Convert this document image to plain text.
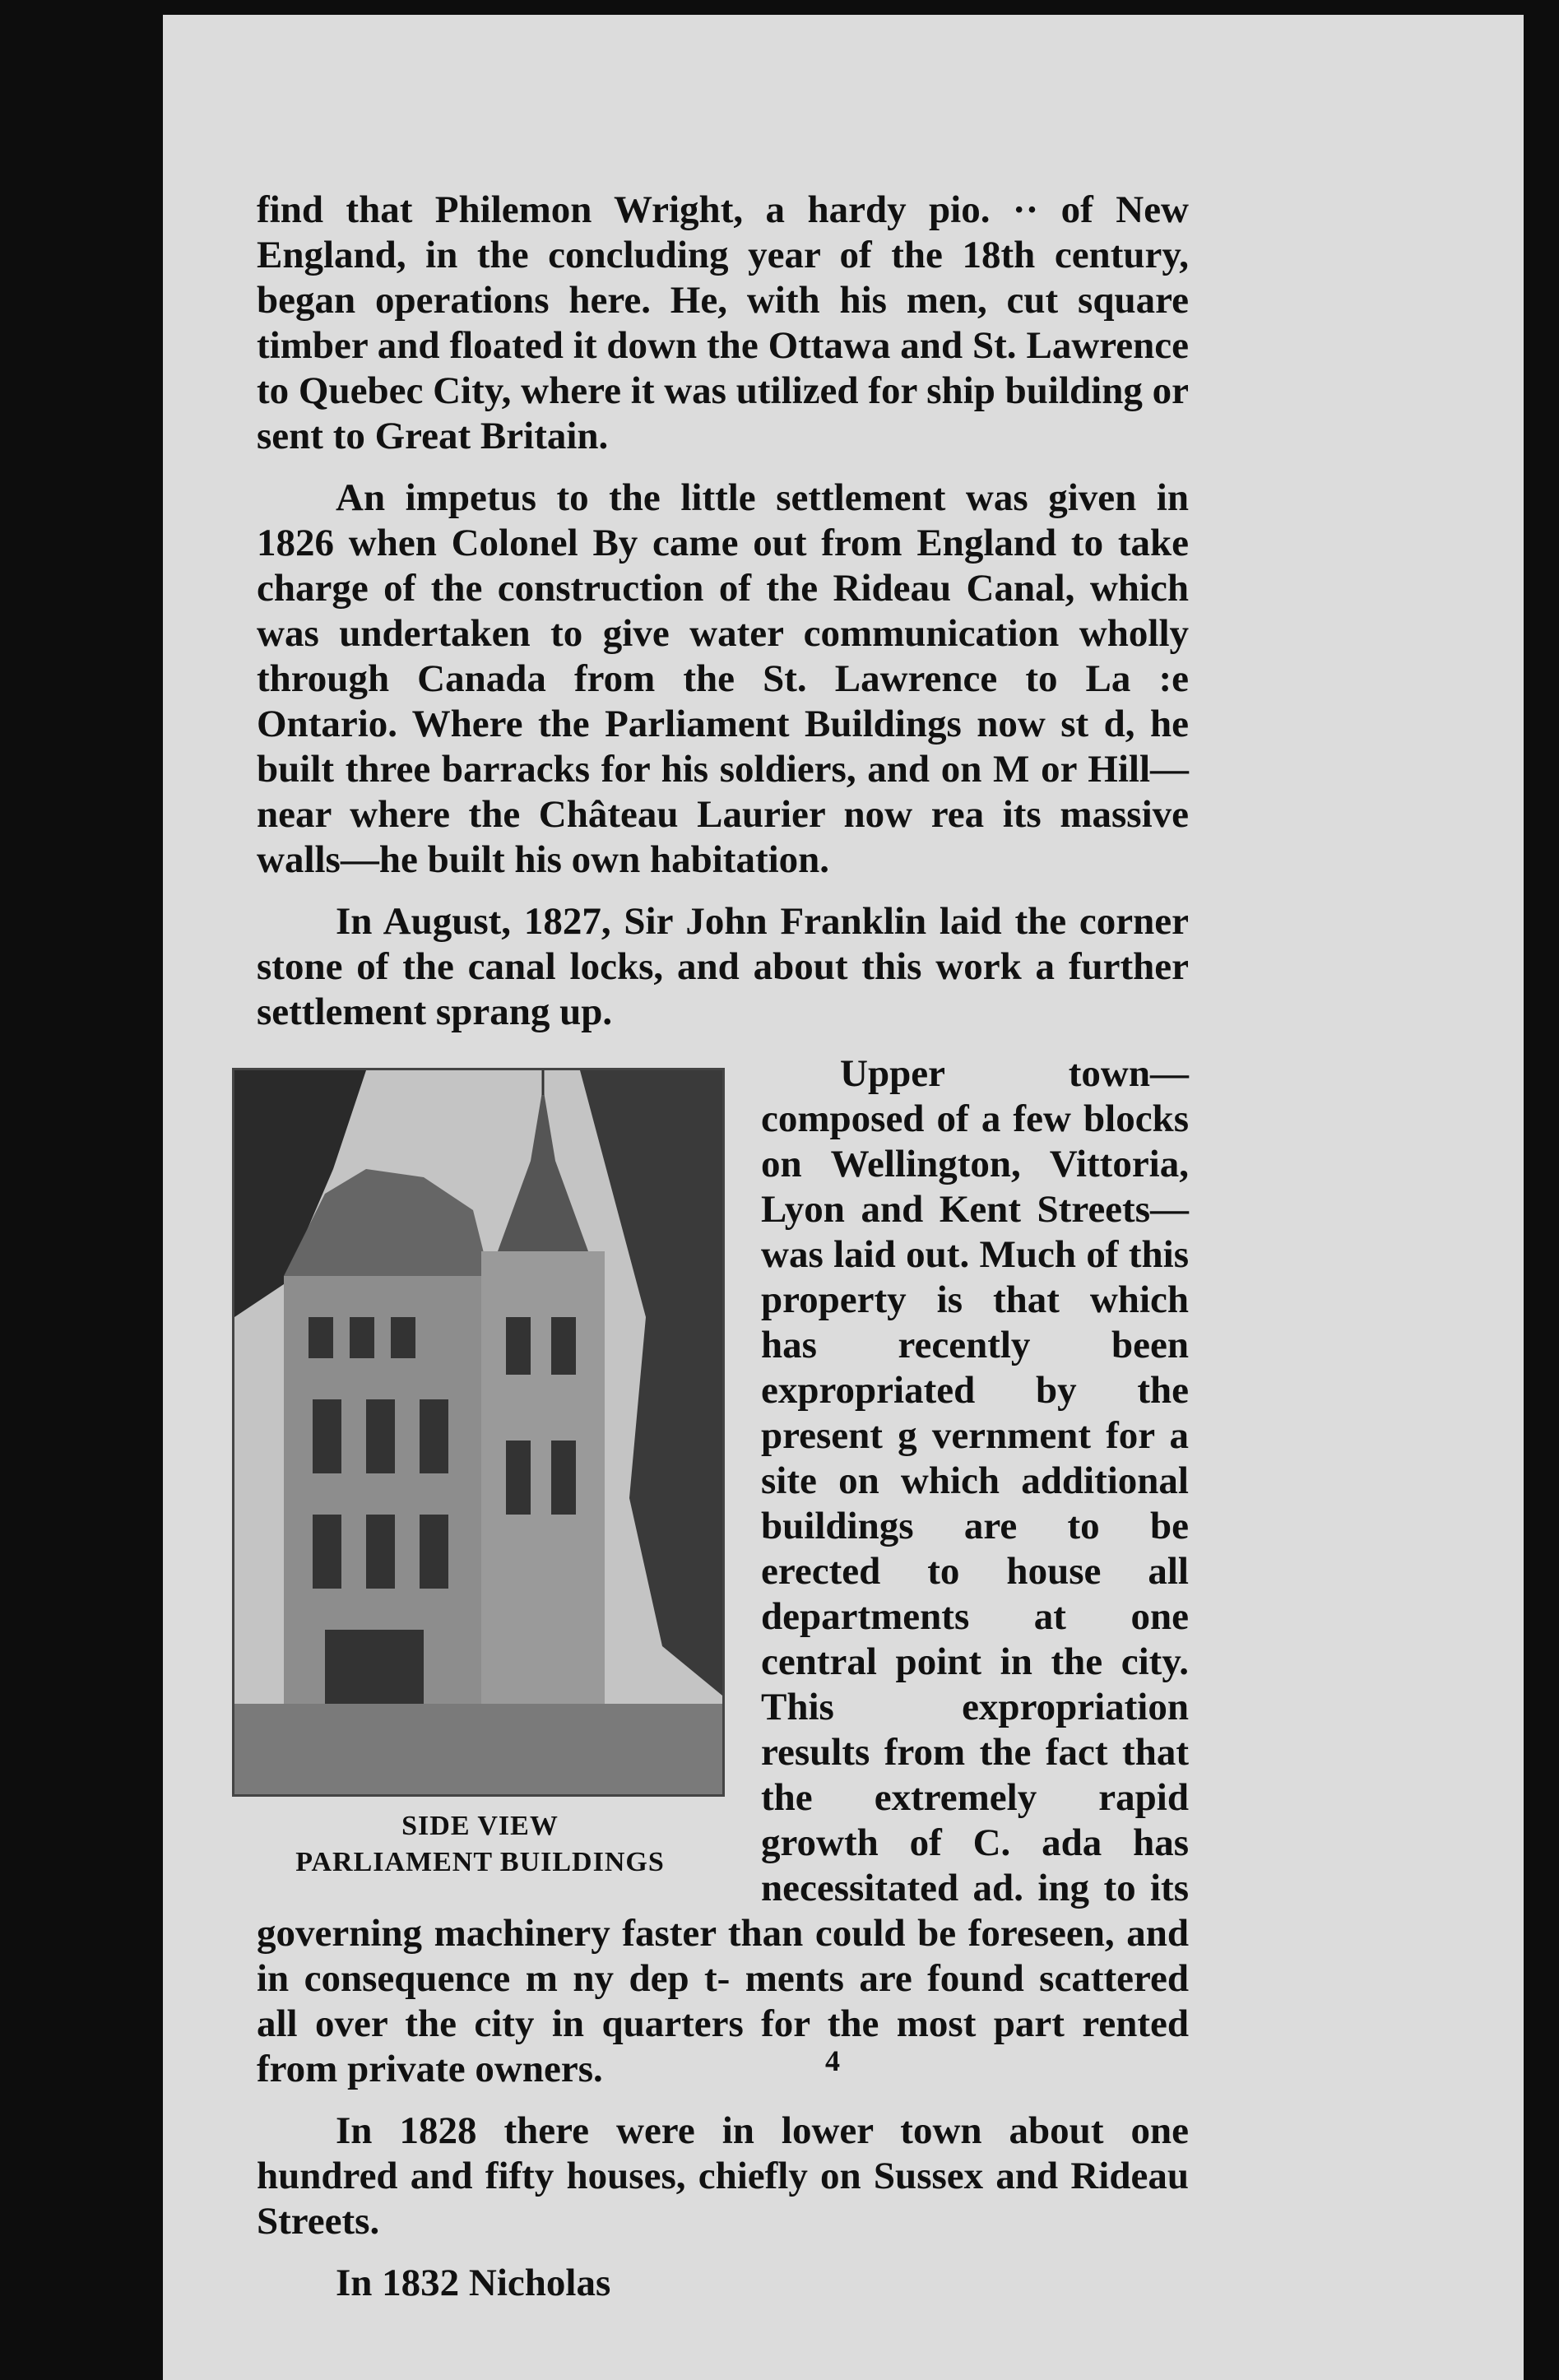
find that Philemon Wright, a hardy pio. ·· of New England, in the concluding year of the 18th century, began operations here. He, with his men, cut square timber and floated it down the Ottawa and St. Lawrence to Quebec City, where it was utilized for ship building or sent to Great Britain.

An impetus to the little settlement was given in 1826 when Colonel By came out from England to take charge of the construction of the Rideau Canal, which was undertaken to give water communication wholly through Canada from the St. Lawrence to La :e Ontario. Where the Parliament Buildings now st d, he built three barracks for his soldiers, and on M or Hill—near where the Château Laurier now rea its massive walls—he built his own habitation.

In August, 1827, Sir John Franklin laid the corner stone of the canal locks, and about this work a further settlement sprang up.

SIDE VIEW
PARLIAMENT BUILDINGS

Upper town—composed of a few blocks on Wellington, Vittoria, Lyon and Kent Streets—was laid out. Much of this property is that which has recently been expropriated by the present g vernment for a site on which additional buildings are to be erected to house all departments at one central point in the city. This expropriation results from the fact that the extremely rapid growth of C. ada has necessitated ad. ing to its governing machinery faster than could be foreseen, and in consequence m ny dep t- ments are found scattered all over the city in quarters for the most part rented from private owners.

In 1828 there were in lower town about one hundred and fifty houses, chiefly on Sussex and Rideau Streets.

In 1832 Nicholas

4
